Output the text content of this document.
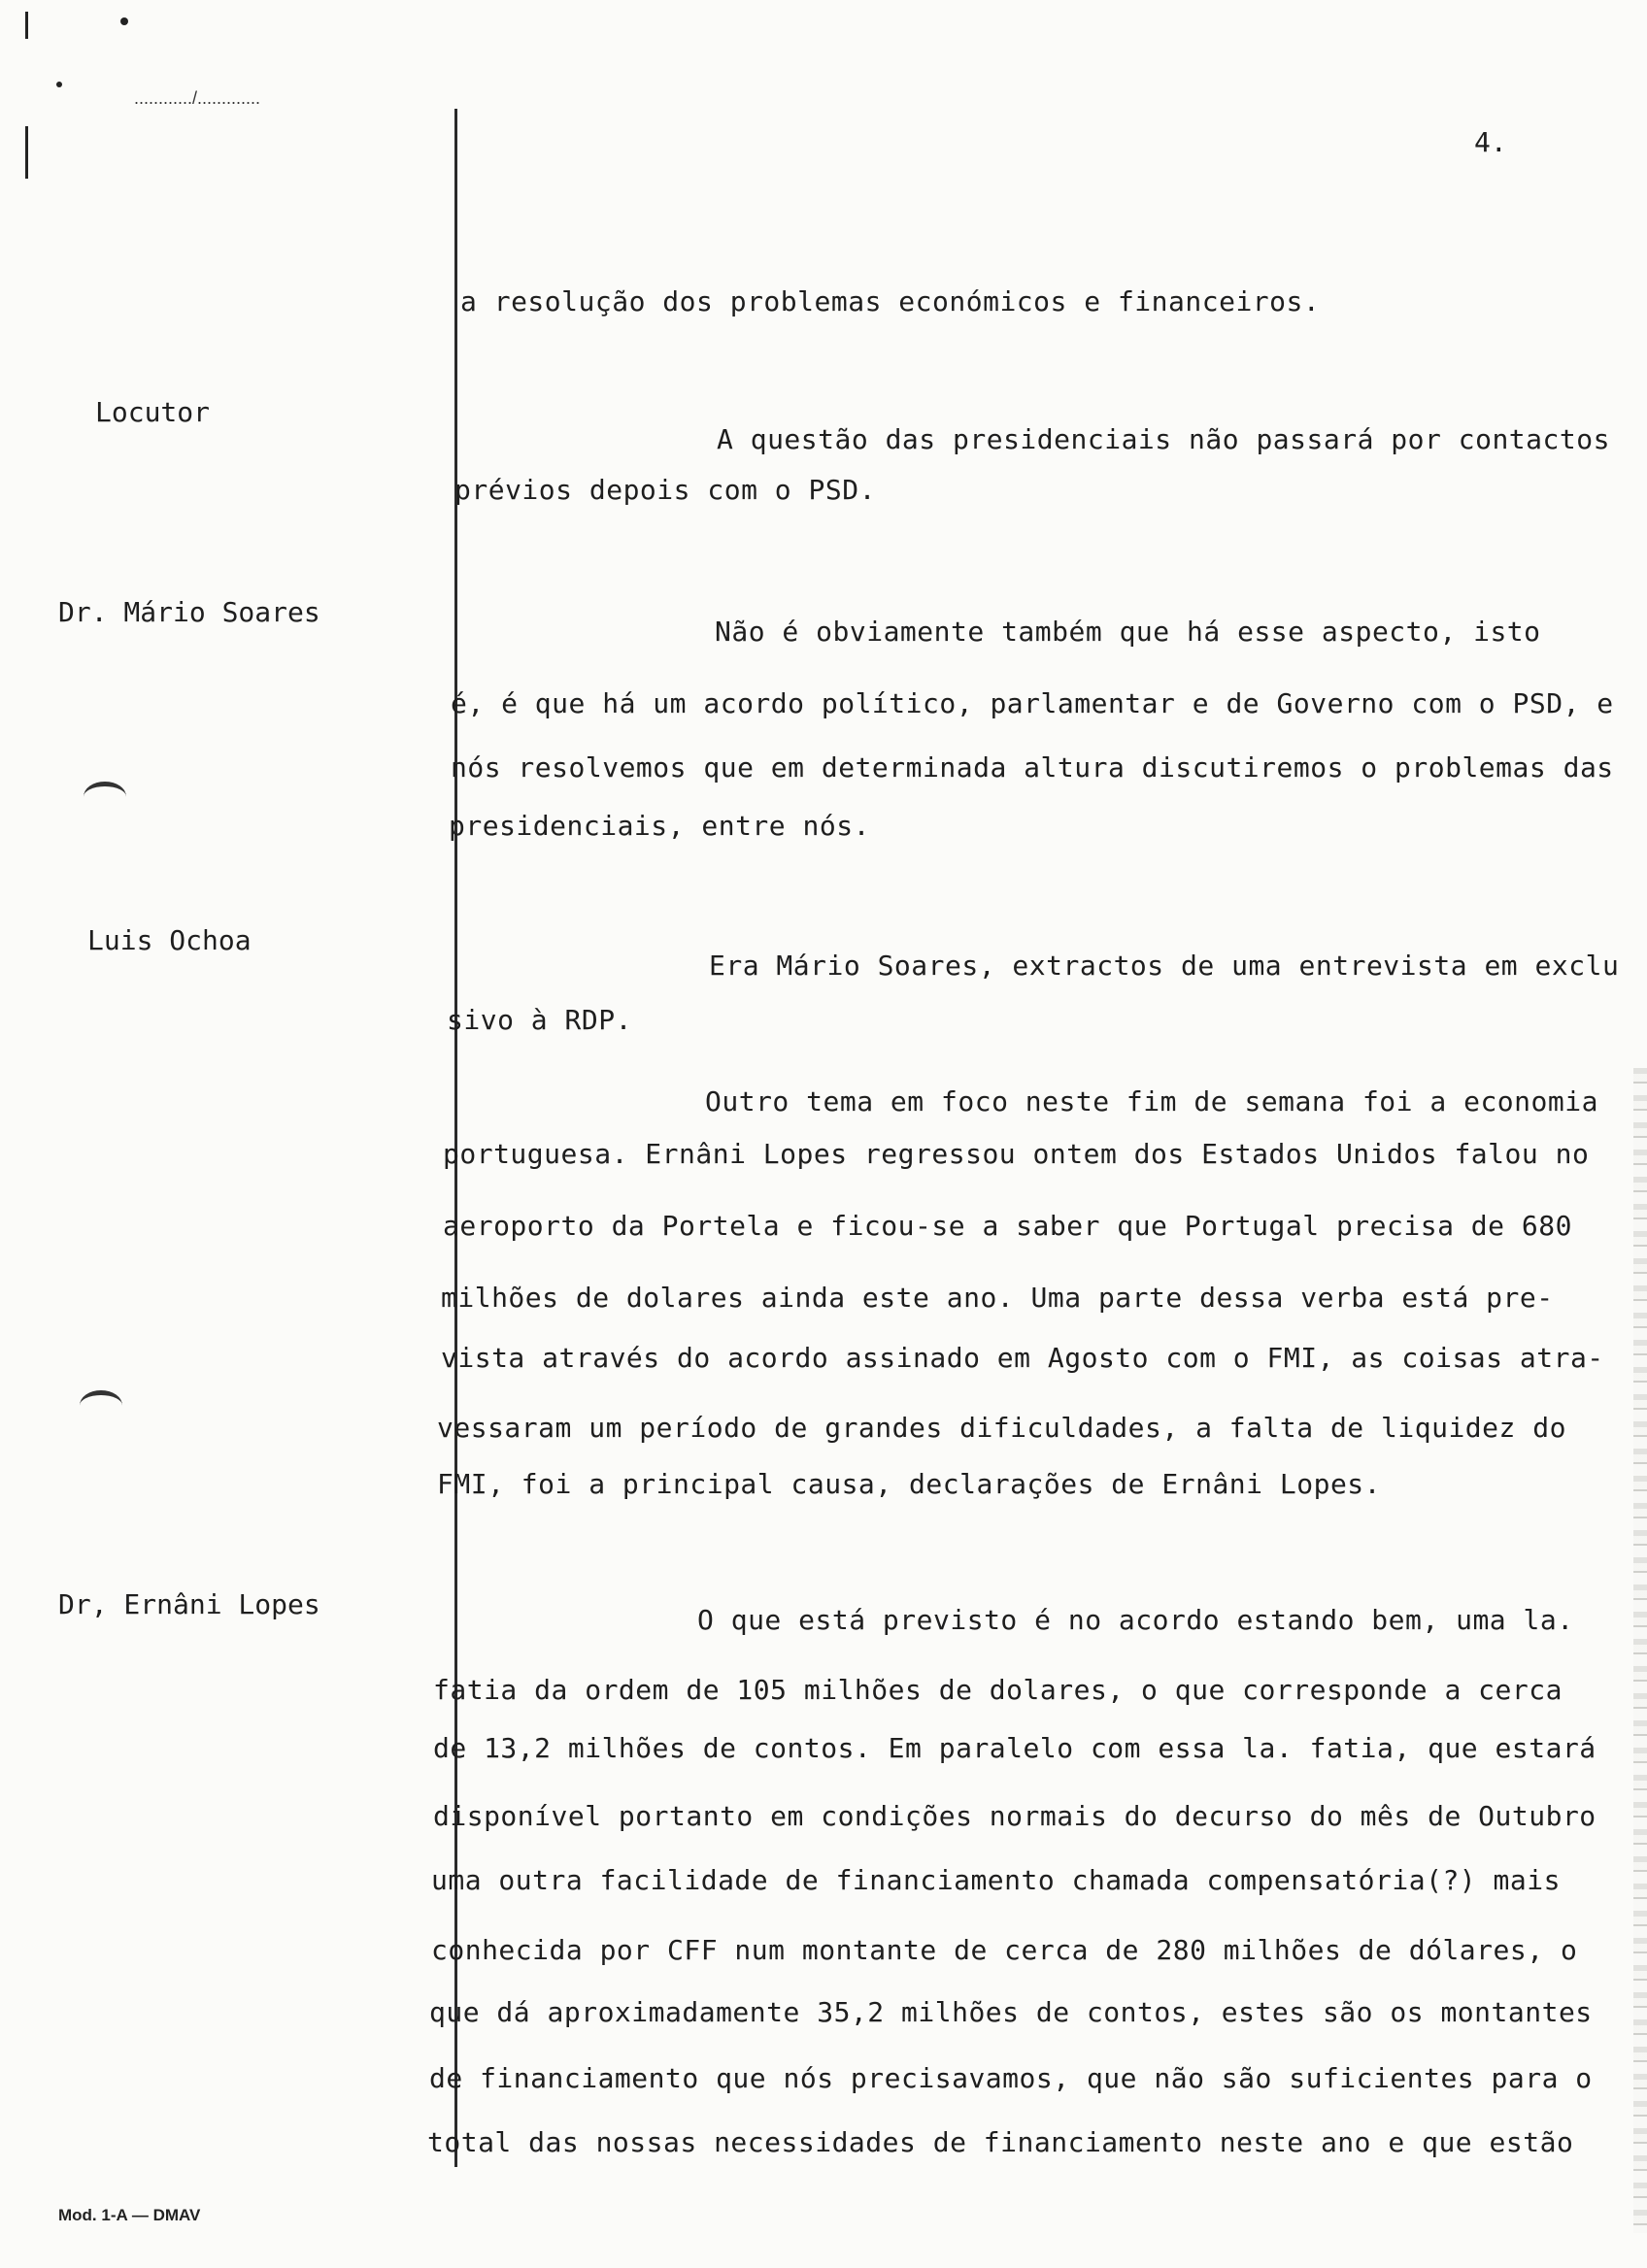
............/.............
4.
Locutor
Dr. Mário Soares
Luis Ochoa
Dr, Ernâni Lopes
a resolução dos problemas económicos e financeiros.
A questão das presidenciais não passará por contactos
prévios depois com o PSD.
Não é obviamente também que há esse aspecto, isto
é, é que há um acordo político, parlamentar e de Governo com o PSD, e
nós resolvemos que em determinada altura discutiremos o problemas das
presidenciais, entre nós.
Era Mário Soares, extractos de uma entrevista em exclu
sivo à RDP.
Outro tema em foco neste fim de semana foi a economia
portuguesa. Ernâni Lopes regressou ontem dos Estados Unidos falou no
aeroporto da Portela e ficou-se a saber que Portugal precisa de 680
milhões de dolares ainda este ano. Uma parte dessa verba está pre-
vista através do acordo assinado em Agosto com o FMI, as coisas atra-
vessaram um período de grandes dificuldades, a falta de liquidez do
FMI, foi a principal causa, declarações de Ernâni Lopes.
O que está previsto é no acordo estando bem, uma la.
fatia da ordem de 105 milhões de dolares, o que corresponde a cerca
de 13,2 milhões de contos. Em paralelo com essa la. fatia, que estará
disponível portanto em condições normais do decurso do mês de Outubro
uma outra facilidade de financiamento chamada compensatória(?) mais
conhecida por CFF num montante de cerca de 280 milhões de dólares, o
que dá aproximadamente 35,2 milhões de contos, estes são os montantes
de financiamento que nós precisavamos, que não são suficientes para o
total das nossas necessidades de financiamento neste ano e que estão
Mod. 1-A — DMAV
